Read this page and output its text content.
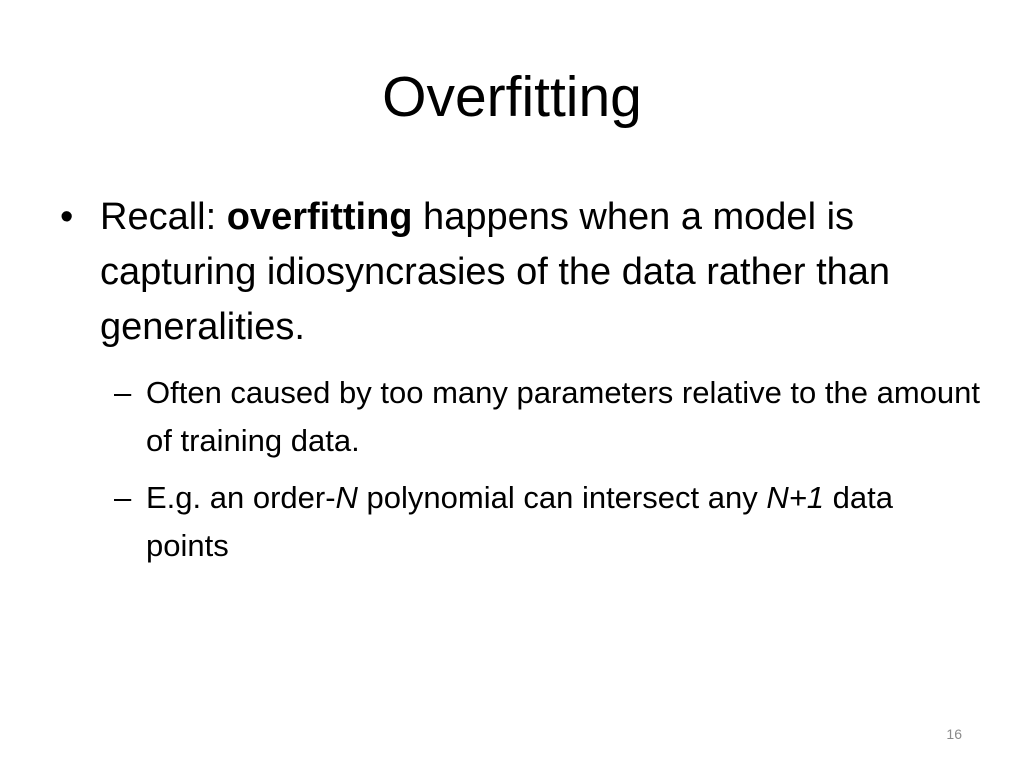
Overfitting
• Recall: overfitting happens when a model is capturing idiosyncrasies of the data rather than generalities.
– Often caused by too many parameters relative to the amount of training data.
– E.g. an order-N polynomial can intersect any N+1 data points
16
